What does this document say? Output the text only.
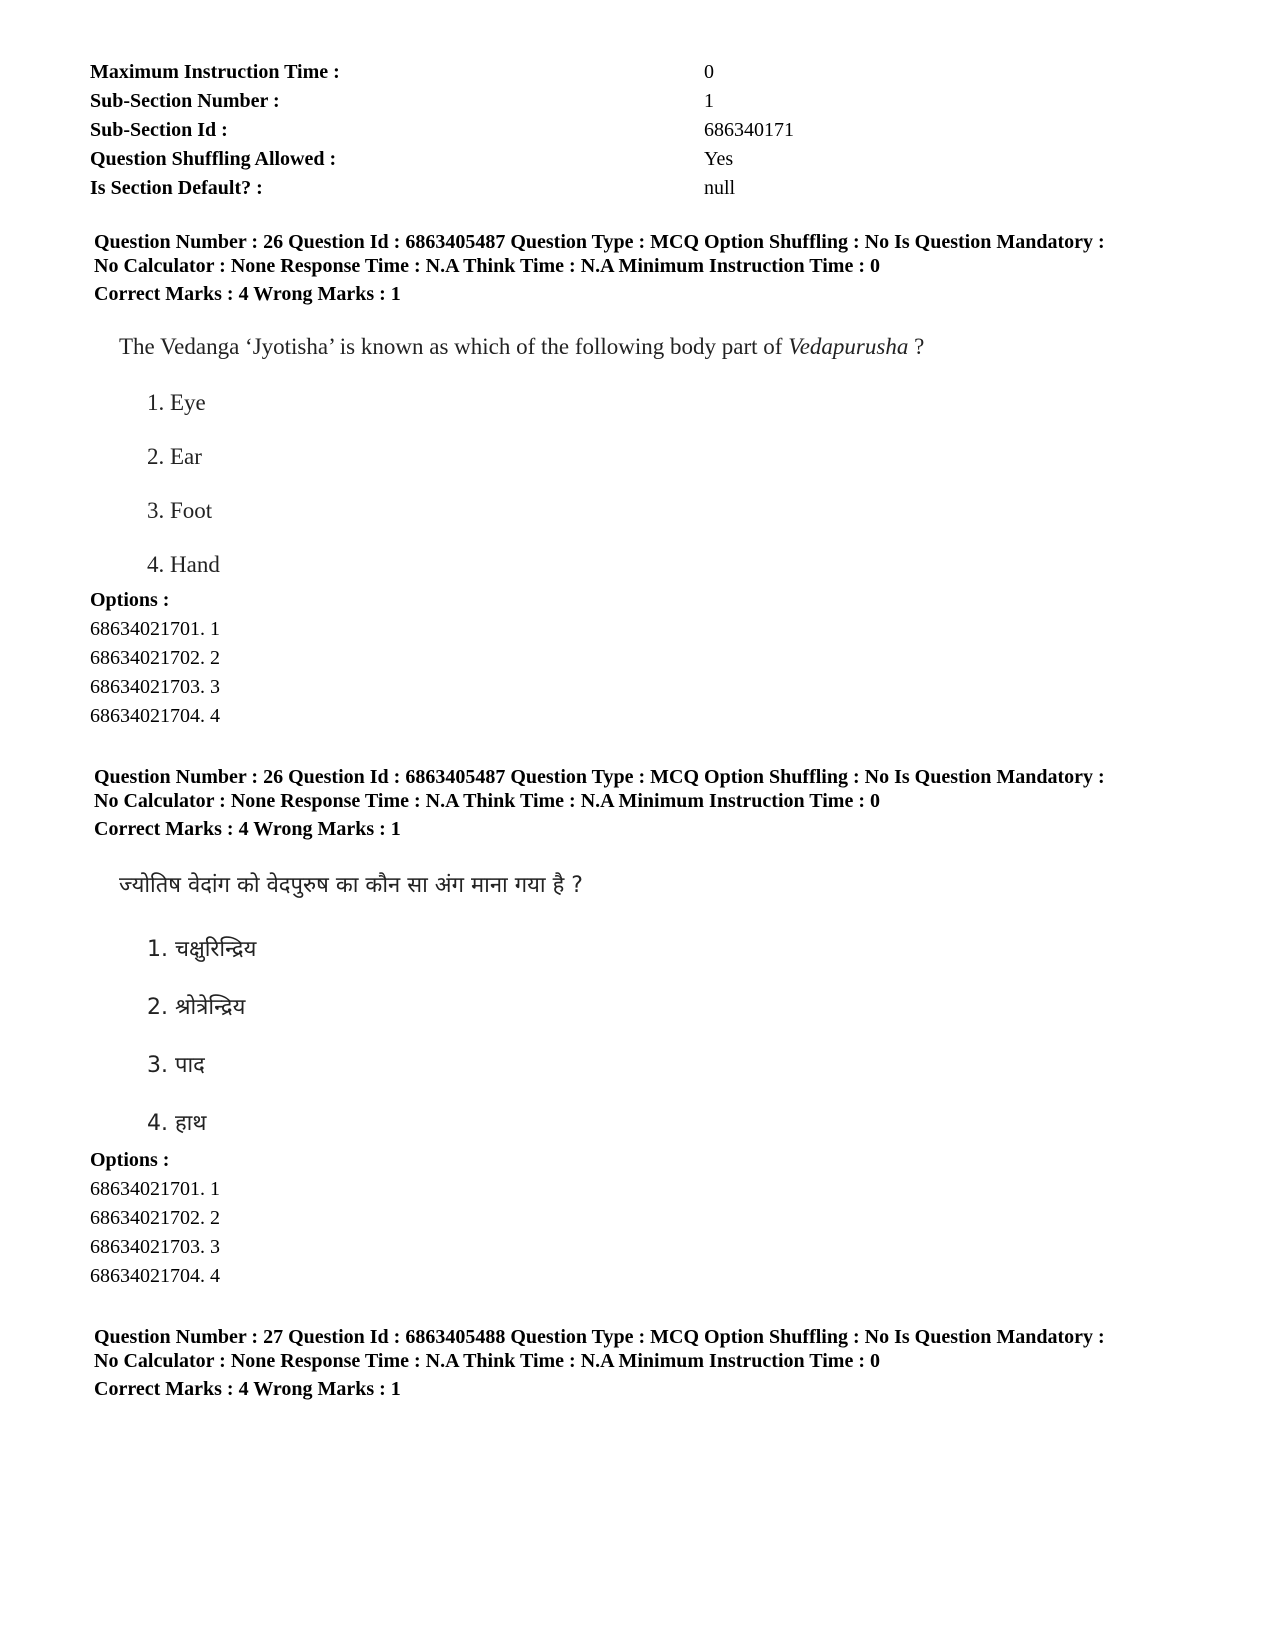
Maximum Instruction Time :	0
Sub-Section Number :	1
Sub-Section Id :	686340171
Question Shuffling Allowed :	Yes
Is Section Default? :	null
Question Number : 26 Question Id : 6863405487 Question Type : MCQ Option Shuffling : No Is Question Mandatory :
No Calculator : None Response Time : N.A Think Time : N.A Minimum Instruction Time : 0
Correct Marks : 4 Wrong Marks : 1
The Vedanga ‘Jyotisha’ is known as which of the following body part of Vedapurusha ?
1. Eye
2. Ear
3. Foot
4. Hand
Options :
68634021701. 1
68634021702. 2
68634021703. 3
68634021704. 4
Question Number : 26 Question Id : 6863405487 Question Type : MCQ Option Shuffling : No Is Question Mandatory :
No Calculator : None Response Time : N.A Think Time : N.A Minimum Instruction Time : 0
Correct Marks : 4 Wrong Marks : 1
ज्योतिष वेदांग को वेदपुरुष का कौन सा अंग माना गया है ?
1. चक्षुरिन्द्रिय
2. श्रोत्रेन्द्रिय
3. पाद
4. हाथ
Options :
68634021701. 1
68634021702. 2
68634021703. 3
68634021704. 4
Question Number : 27 Question Id : 6863405488 Question Type : MCQ Option Shuffling : No Is Question Mandatory :
No Calculator : None Response Time : N.A Think Time : N.A Minimum Instruction Time : 0
Correct Marks : 4 Wrong Marks : 1
